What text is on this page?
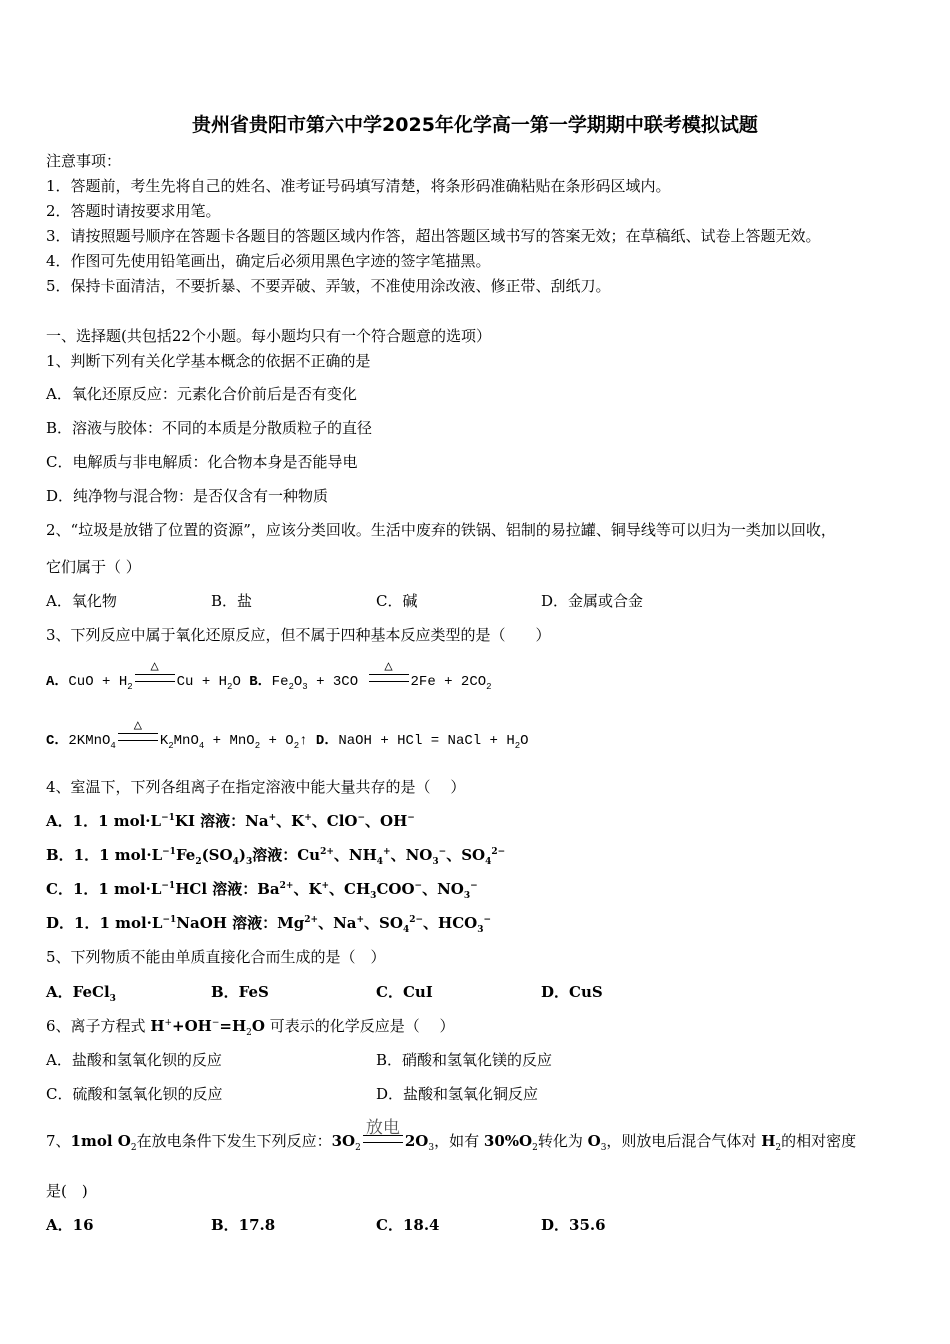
贵州省贵阳市第六中学2025年化学高一第一学期期中联考模拟试题
注意事项：
1．答题前，考生先将自己的姓名、准考证号码填写清楚，将条形码准确粘贴在条形码区域内。
2．答题时请按要求用笔。
3．请按照题号顺序在答题卡各题目的答题区域内作答，超出答题区域书写的答案无效；在草稿纸、试卷上答题无效。
4．作图可先使用铅笔画出，确定后必须用黑色字迹的签字笔描黑。
5．保持卡面清洁，不要折暴、不要弄破、弄皱，不准使用涂改液、修正带、刮纸刀。
一、选择题(共包括22个小题。每小题均只有一个符合题意的选项）
1、判断下列有关化学基本概念的依据不正确的是
A．氧化还原反应：元素化合价前后是否有变化
B．溶液与胶体：不同的本质是分散质粒子的直径
C．电解质与非电解质：化合物本身是否能导电
D．纯净物与混合物：是否仅含有一种物质
2、“垃圾是放错了位置的资源”，应该分类回收。生活中废弃的铁锅、铝制的易拉罐、铜导线等可以归为一类加以回收，
它们属于（ ）
A．氧化物	B．盐	C．碱	D．金属或合金
3、下列反应中属于氧化还原反应，但不属于四种基本反应类型的是（　　）
A．CuO + $H_2$
△
$Cu + H_2O$ B．$Fe_2O_3 + 3CO$
△
$2Fe + 2CO_2$
C．2KMnO$_4$
△
$K_2MnO_4 + MnO_2$ + $O_2↑$ D．NaOH + HCl = NaCl + $H_2O$
4、室温下，下列各组离子在指定溶液中能大量共存的是（　 ）
A．1．1 $mol\cdot L^{-1}KI$ 溶液：Na+、K+、ClO−、OH−
B．1．1 $mol\cdot L^{-1}Fe_2(SO_4)_3$溶液：$Cu^{2+}$、$NH_4^+$、$NO_3^-$、$SO_4^{2-}$
C．1．1 $mol\cdot L^{-1}HCl$ 溶液：$Ba^{2+}$、K+、$CH_3COO^-$、$NO_3^-$
D．1．1 $mol\cdot L^{-1}NaOH$ 溶液：$Mg^{2+}$、Na+、$SO_4^{2-}$、$HCO_3^-$
5、下列物质不能由单质直接化合而生成的是（　）
A．FeCl$_3$	B．FeS	C．CuI	D．CuS
6、离子方程式 $H^++OH^-=H_2O$ 可表示的化学反应是（　 ）
A．盐酸和氢氧化钡的反应	B．硝酸和氢氧化镁的反应
C．硫酸和氢氧化钡的反应	D．盐酸和氢氧化铜反应
7、1mol $O_2$在放电条件下发生下列反应：$3O_2$
放电
$2O_3$，如有 $30\%O_2$转化为 $O_3$，则放电后混合气体对 $H_2$的相对密度
是(　)
A．16	B．17.8	C．18.4	D．35.6
